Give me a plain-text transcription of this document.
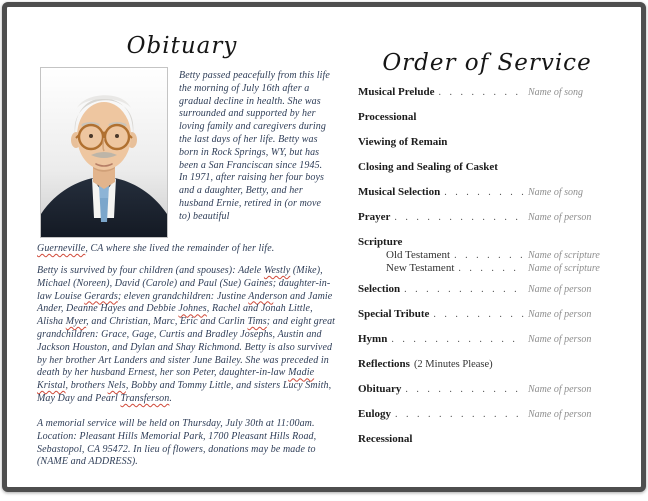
Obituary

Betty passed peacefully from this life the morning of July 16th after a gradual decline in health. She was surrounded and supported by her loving family and caregivers during the last days of her life. Betty was born in Rock Springs, WY, but has been a San Franciscan since 1945. In 1971, after raising her four boys and a daughter, Betty, and her husband Ernie, retired in (or move to) beautiful

Guerneville, CA where she lived the remainder of her life.

Betty is survived by four children (and spouses): Adele Westly (Mike), Michael (Noreen), David (Carole) and Paul (Sue) Gaines; daughter-in-law Louise Gerards; eleven grandchildren: Justine Anderson and Jamie Ander, Deanne Hayes and Debbie Johnes, Rachel and Jonah Little, Alisha Myer, and Christian, Marc, Eric and Carlin Tims; and eight great grandchildren: Grace, Gage, Curtis and Bradley Josephs, Austin and Jackson Houston, and Dylan and Shay Richmond. Betty is also survived by her brother Art Landers and sister June Bailey. She was preceded in death by her husband Ernest, her son Peter, daughter-in-law Madie Kristal, brothers Nels, Bobby and Tommy Little, and sisters Lucy Smith, May Day and Pearl Transferson.

A memorial service will be held on Thursday, July 30th at 11:00am. Location: Pleasant Hills Memorial Park, 1700 Pleasant Hills Road, Sebastopol, CA 95472. In lieu of flowers, donations may be made to (NAME and ADDRESS).

Order of Service
Musical Prelude . . .	Name of song
Processional
Viewing of Remain
Closing and Sealing of Casket
Musical Selection . . .	Name of song
Prayer . . .	Name of person
Scripture
Old Testament . . .	Name of scripture
New Testament . . .	Name of scripture
Selection . . .	Name of person
Special Tribute . . .	Name of person
Hymn . . .	Name of person
Reflections (2 Minutes Please)
Obituary . . .	Name of person
Eulogy . . .	Name of person
Recessional
